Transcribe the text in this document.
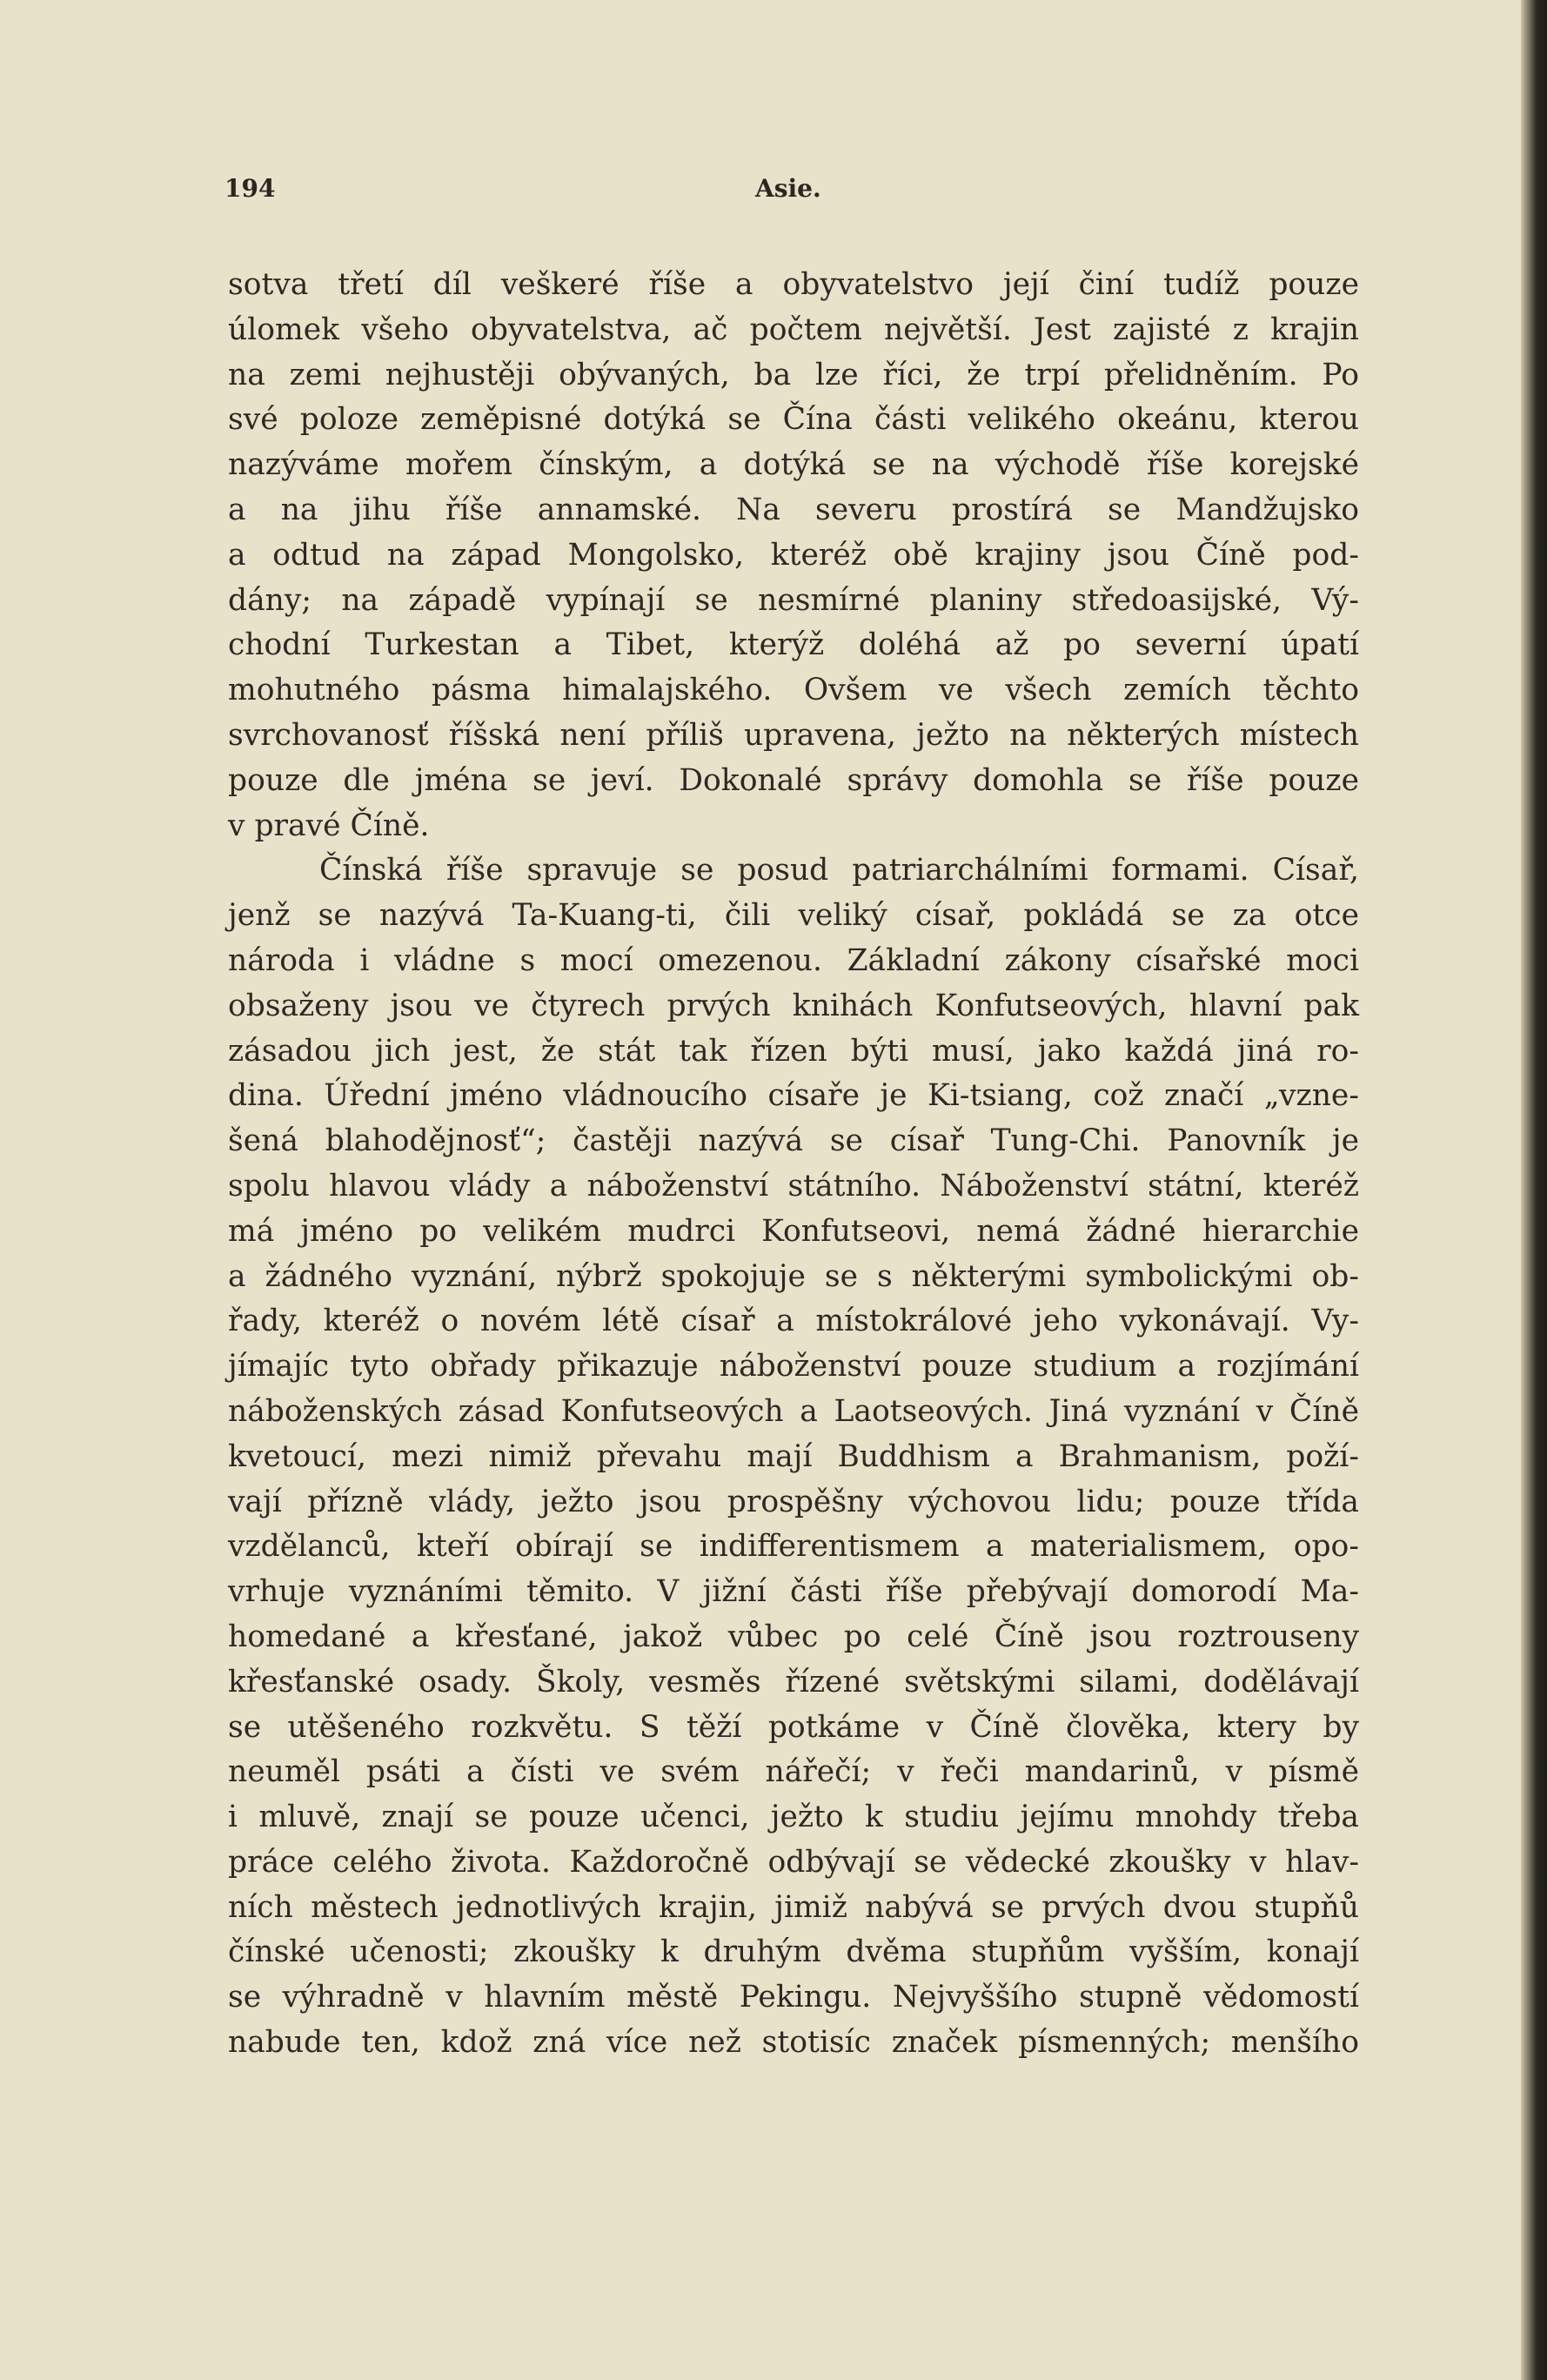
194	Asie.
sotva třetí díl veškeré říše a obyvatelstvo její činí tudíž pouze
úlomek všeho obyvatelstva, ač počtem největší. Jest zajisté z krajin
na zemi nejhustěji obývaných, ba lze říci, že trpí přelidněním. Po
své poloze zeměpisné dotýká se Čína části velikého okeánu, kterou
nazýváme mořem čínským, a dotýká se na východě říše korejské
a na jihu říše annamské. Na severu prostírá se Mandžujsko
a odtud na západ Mongolsko, kteréž obě krajiny jsou Číně pod-
dány; na západě vypínají se nesmírné planiny středoasijské, Vý-
chodní Turkestan a Tibet, kterýž doléhá až po severní úpatí
mohutného pásma himalajského. Ovšem ve všech zemích těchto
svrchovanosť říšská není příliš upravena, ježto na některých místech
pouze dle jména se jeví. Dokonalé správy domohla se říše pouze
v pravé Číně.
Čínská říše spravuje se posud patriarchálními formami. Císař,
jenž se nazývá Ta-Kuang-ti, čili veliký císař, pokládá se za otce
národa i vládne s mocí omezenou. Základní zákony císařské moci
obsaženy jsou ve čtyrech prvých knihách Konfutseových, hlavní pak
zásadou jich jest, že stát tak řízen býti musí, jako každá jiná ro-
dina. Úřední jméno vládnoucího císaře je Ki-tsiang, což značí „vzne-
šená blahodějnosť“; častěji nazývá se císař Tung-Chi. Panovník je
spolu hlavou vlády a náboženství státního. Náboženství státní, kteréž
má jméno po velikém mudrci Konfutseovi, nemá žádné hierarchie
a žádného vyznání, nýbrž spokojuje se s některými symbolickými ob-
řady, kteréž o novém létě císař a místokrálové jeho vykonávají. Vy-
jímajíc tyto obřady přikazuje náboženství pouze studium a rozjímání
náboženských zásad Konfutseových a Laotseových. Jiná vyznání v Číně
kvetoucí, mezi nimiž převahu mají Buddhism a Brahmanism, poží-
vají přízně vlády, ježto jsou prospěšny výchovou lidu; pouze třída
vzdělanců, kteří obírají se indifferentismem a materialismem, opo-
vrhuje vyznáními těmito. V jižní části říše přebývají domorodí Ma-
homedané a křesťané, jakož vůbec po celé Číně jsou roztrouseny
křesťanské osady. Školy, vesměs řízené světskými silami, dodělávají
se utěšeného rozkvětu. S těží potkáme v Číně člověka, ktery by
neuměl psáti a čísti ve svém nářečí; v řeči mandarinů, v písmě
i mluvě, znají se pouze učenci, ježto k studiu jejímu mnohdy třeba
práce celého života. Každoročně odbývají se vědecké zkoušky v hlav-
ních městech jednotlivých krajin, jimiž nabývá se prvých dvou stupňů
čínské učenosti; zkoušky k druhým dvěma stupňům vyšším, konají
se výhradně v hlavním městě Pekingu. Nejvyššího stupně vědomostí
nabude ten, kdož zná více než stotisíc značek písmenných; menšího
